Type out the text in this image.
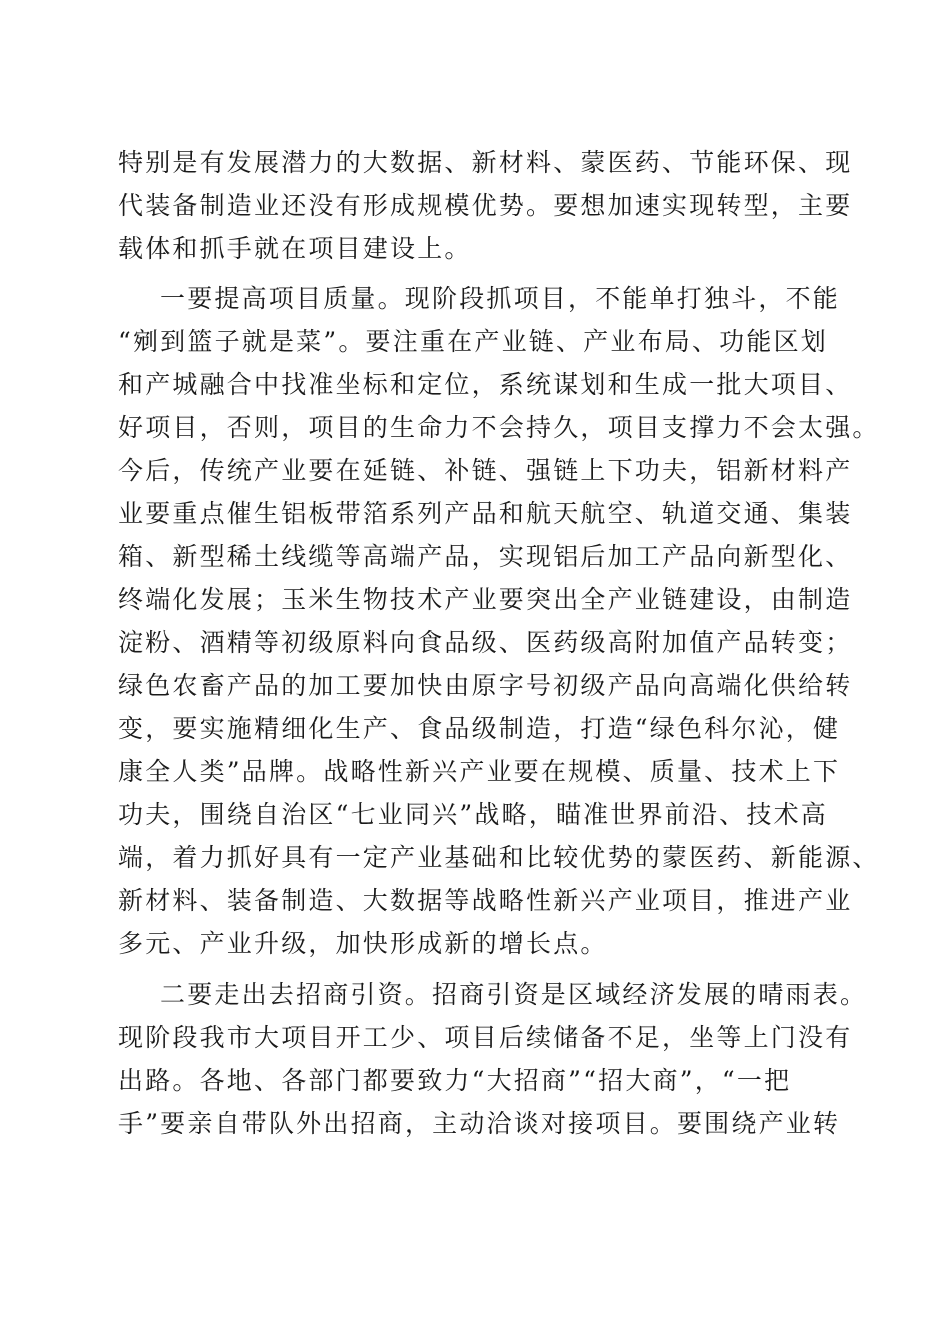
特别是有发展潜力的大数据、新材料、蒙医药、节能环保、现
代装备制造业还没有形成规模优势。要想加速实现转型，主要
载体和抓手就在项目建设上。
一要提高项目质量。现阶段抓项目，不能单打独斗，不能
“剜到篮子就是菜”。要注重在产业链、产业布局、功能区划
和产城融合中找准坐标和定位，系统谋划和生成一批大项目、
好项目，否则，项目的生命力不会持久，项目支撑力不会太强。
今后，传统产业要在延链、补链、强链上下功夫，铝新材料产
业要重点催生铝板带箔系列产品和航天航空、轨道交通、集装
箱、新型稀土线缆等高端产品，实现铝后加工产品向新型化、
终端化发展；玉米生物技术产业要突出全产业链建设，由制造
淀粉、酒精等初级原料向食品级、医药级高附加值产品转变；
绿色农畜产品的加工要加快由原字号初级产品向高端化供给转
变，要实施精细化生产、食品级制造，打造“绿色科尔沁，健
康全人类”品牌。战略性新兴产业要在规模、质量、技术上下
功夫，围绕自治区“七业同兴”战略，瞄准世界前沿、技术高
端，着力抓好具有一定产业基础和比较优势的蒙医药、新能源、
新材料、装备制造、大数据等战略性新兴产业项目，推进产业
多元、产业升级，加快形成新的增长点。
二要走出去招商引资。招商引资是区域经济发展的晴雨表。
现阶段我市大项目开工少、项目后续储备不足，坐等上门没有
出路。各地、各部门都要致力“大招商”“招大商”，“一把
手”要亲自带队外出招商，主动洽谈对接项目。要围绕产业转
